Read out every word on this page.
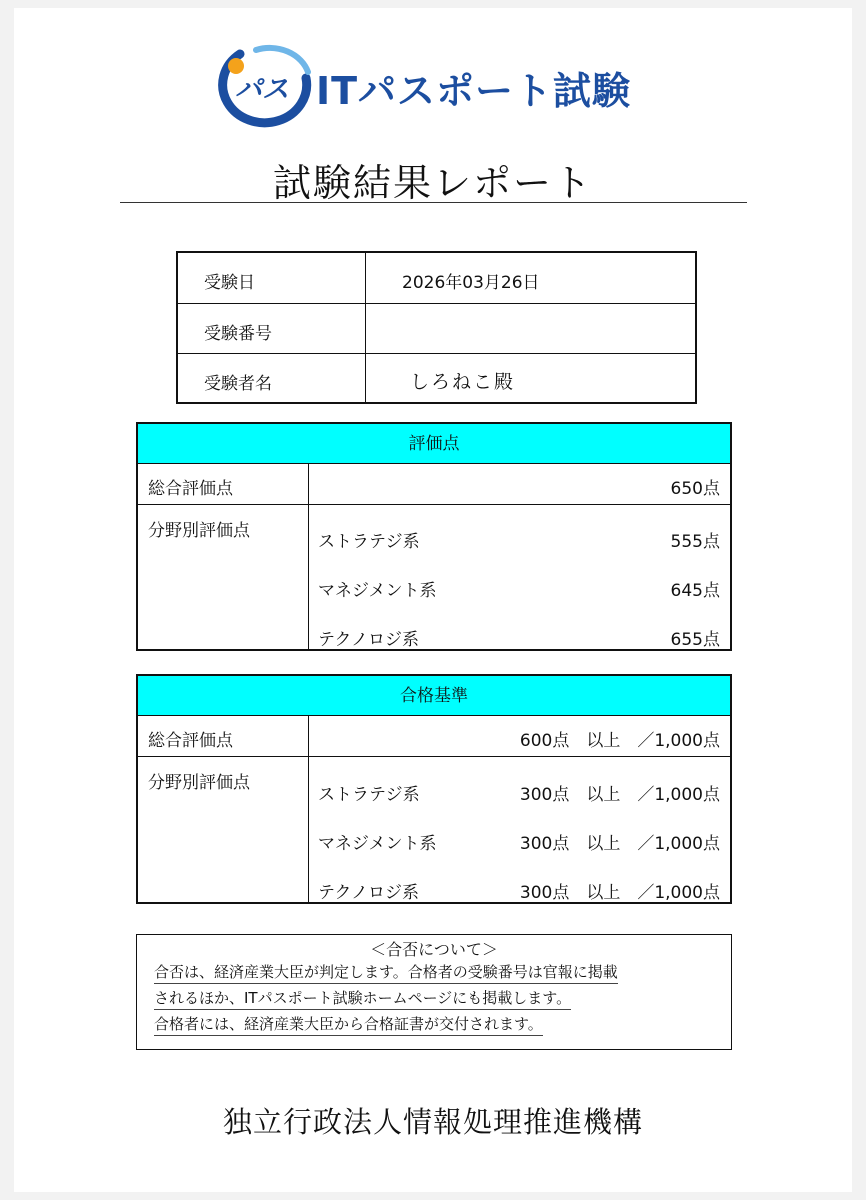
パス ITパスポート試験
試験結果レポート
受験日	2026年03月26日
受験番号
受験者名	しろねこ殿
評価点
総合評価点	650点
分野別評価点
ストラテジ系	555点
マネジメント系	645点
テクノロジ系	655点
合格基準
総合評価点	600点　以上　／1,000点
分野別評価点
ストラテジ系	300点　以上　／1,000点
マネジメント系	300点　以上　／1,000点
テクノロジ系	300点　以上　／1,000点
＜合否について＞
合否は、経済産業大臣が判定します。合格者の受験番号は官報に掲載
されるほか、ITパスポート試験ホームページにも掲載します。
合格者には、経済産業大臣から合格証書が交付されます。
独立行政法人情報処理推進機構
